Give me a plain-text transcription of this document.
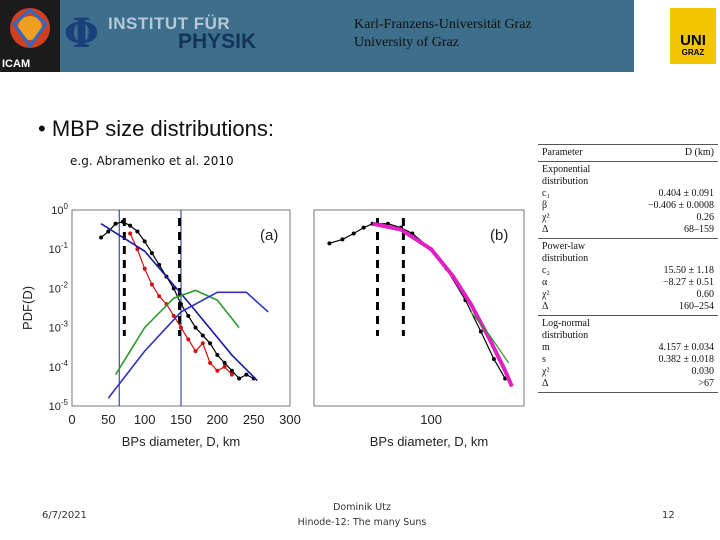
ICAM
Φ INSTITUT FÜR
PHYSIK
Karl-Franzens-Universität Graz
University of Graz	UNI
GRAZ
• MBP size distributions:
e.g. Abramenko et al. 2010
0 50 100 150 200 250 300
$10^0$
$10^{-1}$
$10^{-2}$
$10^{-3}$
$10^{-4}$
$10^{-5}$
BPs diameter, D, km
PDF(D)
(a)
100
BPs diameter, D, km
(b)
Parameter	D (km)
Exponential
distribution
c₁	0.404 ± 0.091
β	−0.406 ± 0.0008
χ²	0.26
Δ	68–159
Power-law
distribution
c₂	15.50 ± 1.18
α	−8.27 ± 0.51
χ²	0.60
Δ	160–254
Log-normal
distribution
m	4.157 ± 0.034
s	0.382 ± 0.018
χ²	0.030
Δ	>67
6/7/2021
Dominik Utz
Hinode-12: The many Suns
12
